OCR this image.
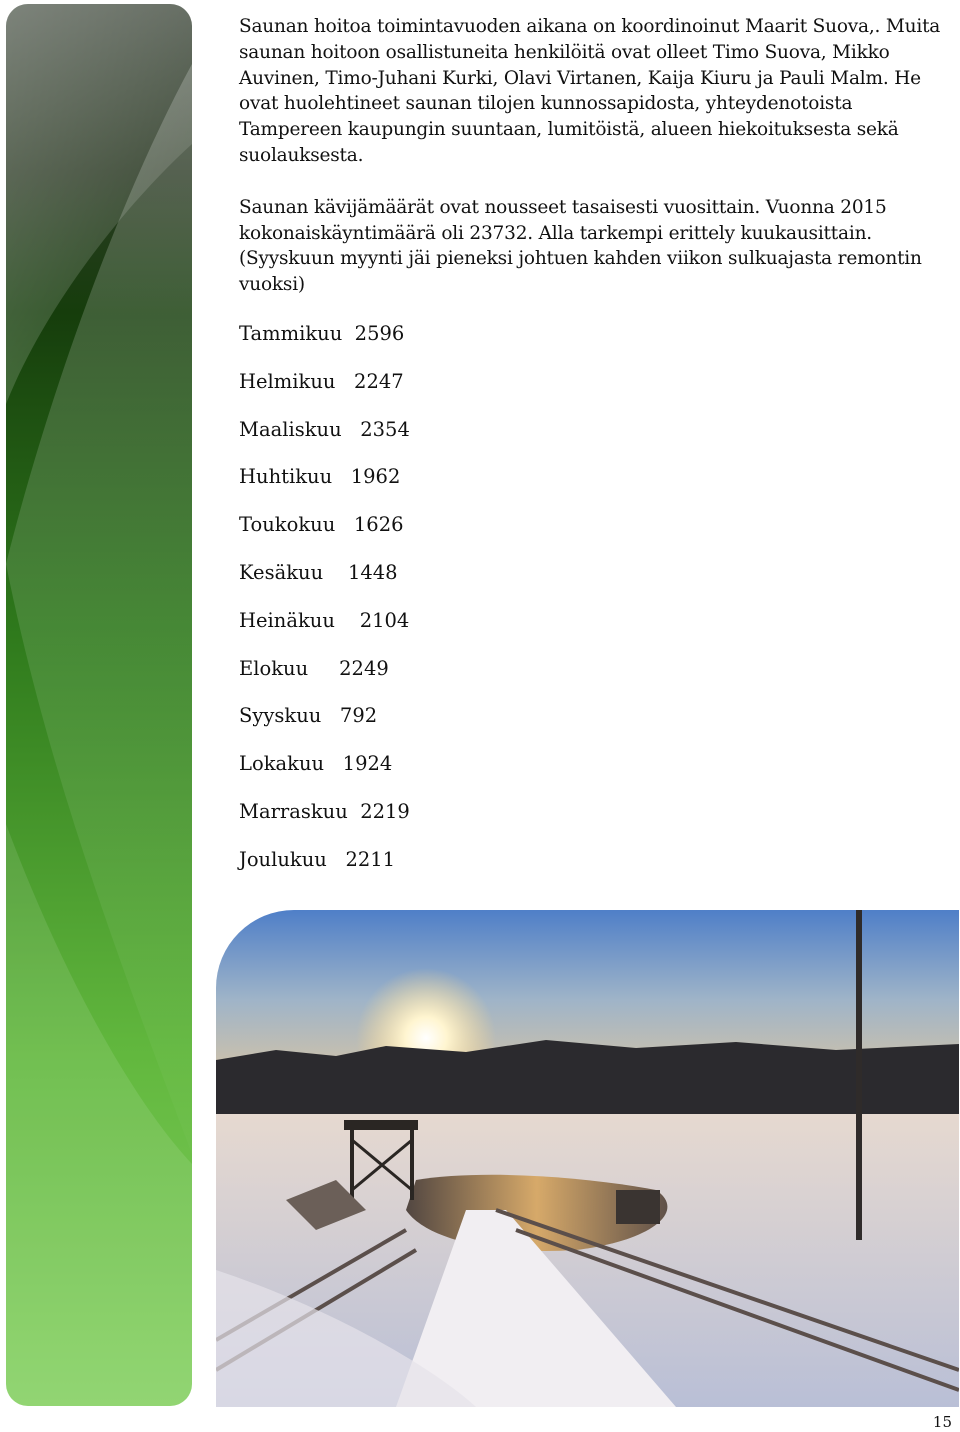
Saunan hoitoa toimintavuoden aikana on koordinoinut Maarit Suova,. Muita saunan hoitoon osallistuneita henkilöitä ovat olleet Timo Suova, Mikko Auvinen, Timo-Juhani Kurki, Olavi Virtanen, Kaija Kiuru ja Pauli Malm. He ovat huolehtineet saunan tilojen kunnossapidosta, yhteydenotoista Tampereen kaupungin suuntaan, lumitöistä, alueen hiekoituksesta sekä suolauksesta.

Saunan kävijämäärät ovat nousseet tasaisesti vuosittain. Vuonna 2015 kokonaiskäyntimäärä oli 23732. Alla tarkempi erittely kuukausittain. (Syyskuun myynti jäi pieneksi johtuen kahden viikon sulkuajasta remontin vuoksi)

Tammikuu  2596
Helmikuu   2247
Maaliskuu   2354
Huhtikuu   1962
Toukokuu   1626
Kesäkuu    1448
Heinäkuu    2104
Elokuu     2249
Syyskuu   792
Lokakuu   1924
Marraskuu  2219
Joulukuu   2211
15
